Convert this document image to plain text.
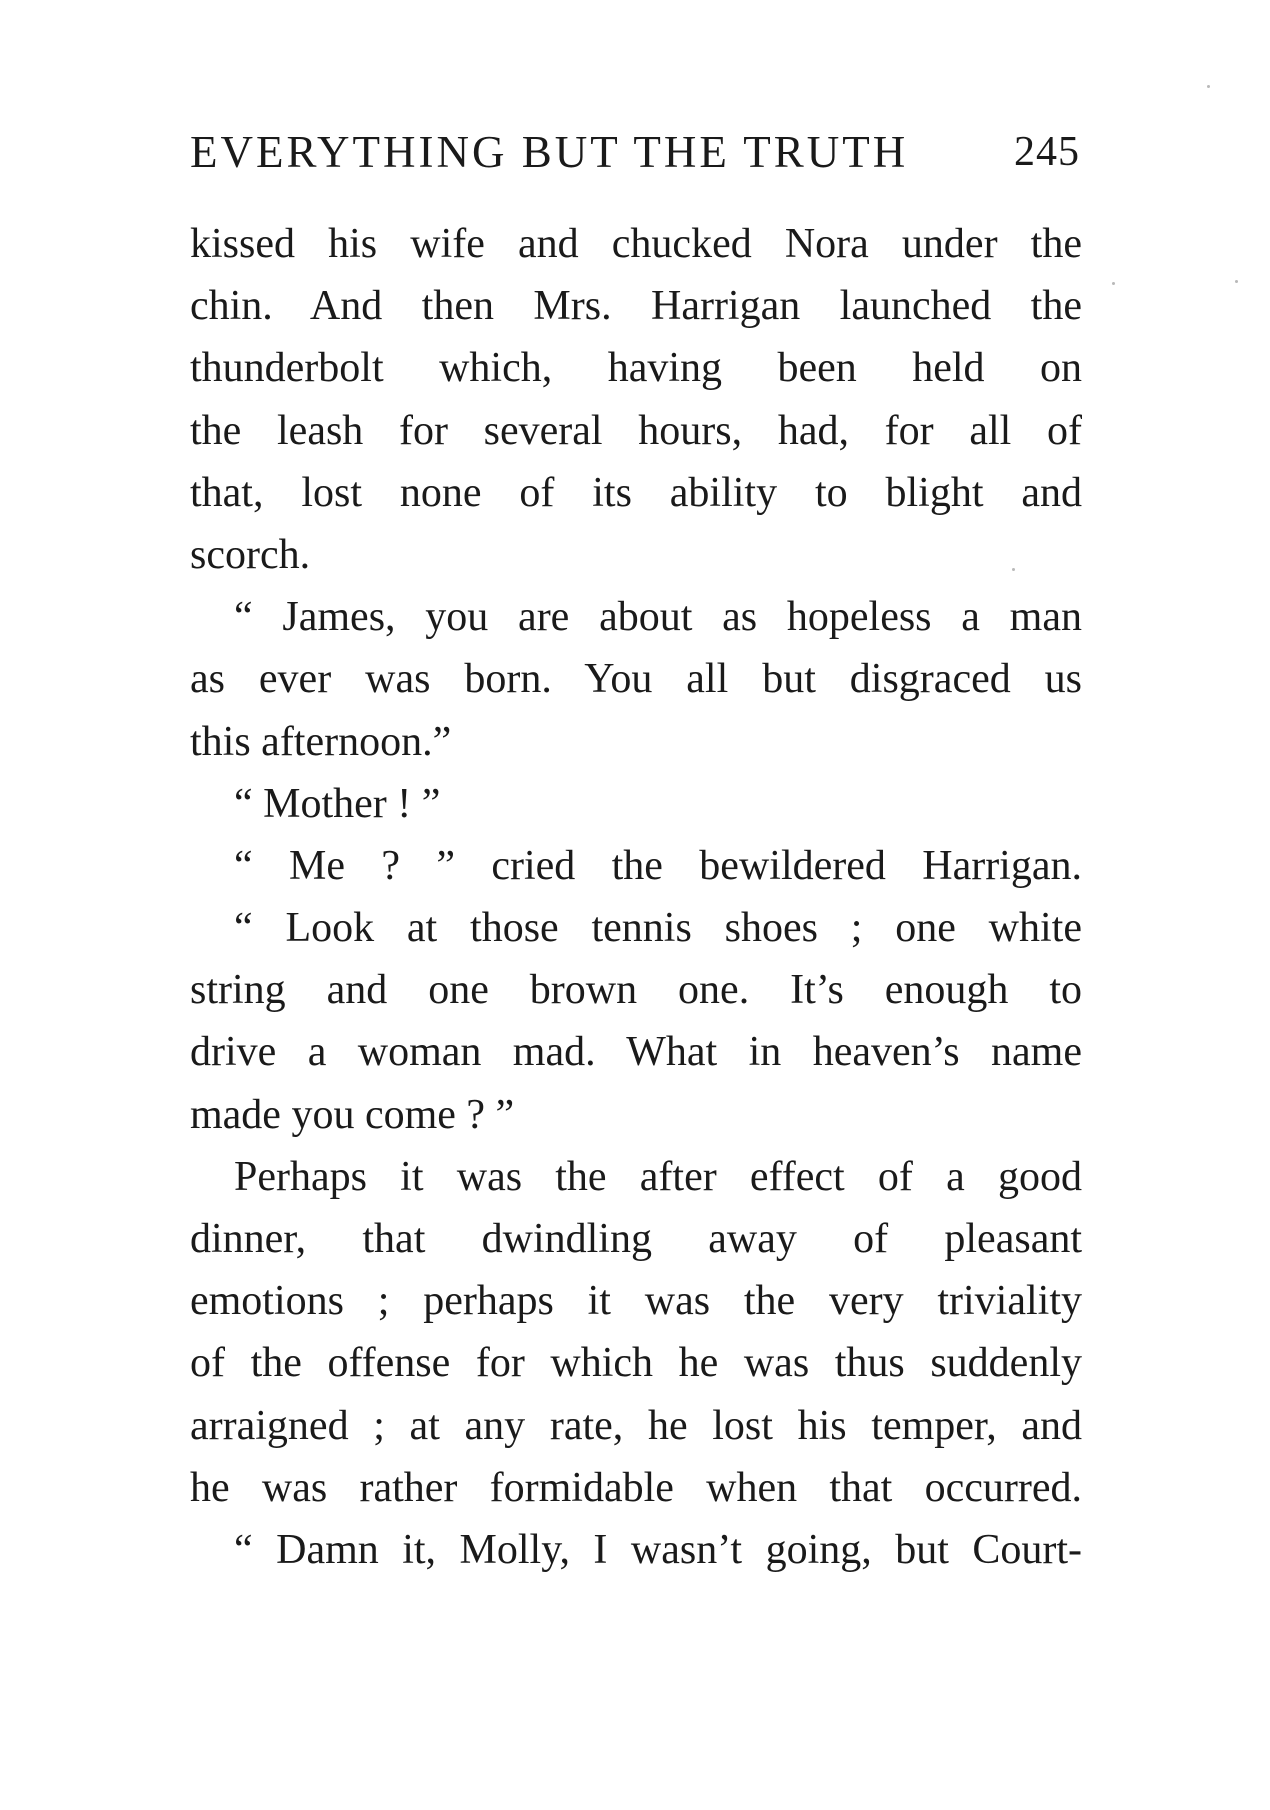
EVERYTHING BUT THE TRUTH	245
kissed his wife and chucked Nora under the
chin. And then Mrs. Harrigan launched the
thunderbolt which, having been held on
the leash for several hours, had, for all of
that, lost none of its ability to blight and
scorch.
“ James, you are about as hopeless a man
as ever was born. You all but disgraced us
this afternoon.”
“ Mother ! ”
“ Me ? ” cried the bewildered Harrigan.
“ Look at those tennis shoes ; one white
string and one brown one. It’s enough to
drive a woman mad. What in heaven’s name
made you come ? ”
Perhaps it was the after effect of a good
dinner, that dwindling away of pleasant
emotions ; perhaps it was the very triviality
of the offense for which he was thus suddenly
arraigned ; at any rate, he lost his temper, and
he was rather formidable when that occurred.
“ Damn it, Molly, I wasn’t going, but Court-
